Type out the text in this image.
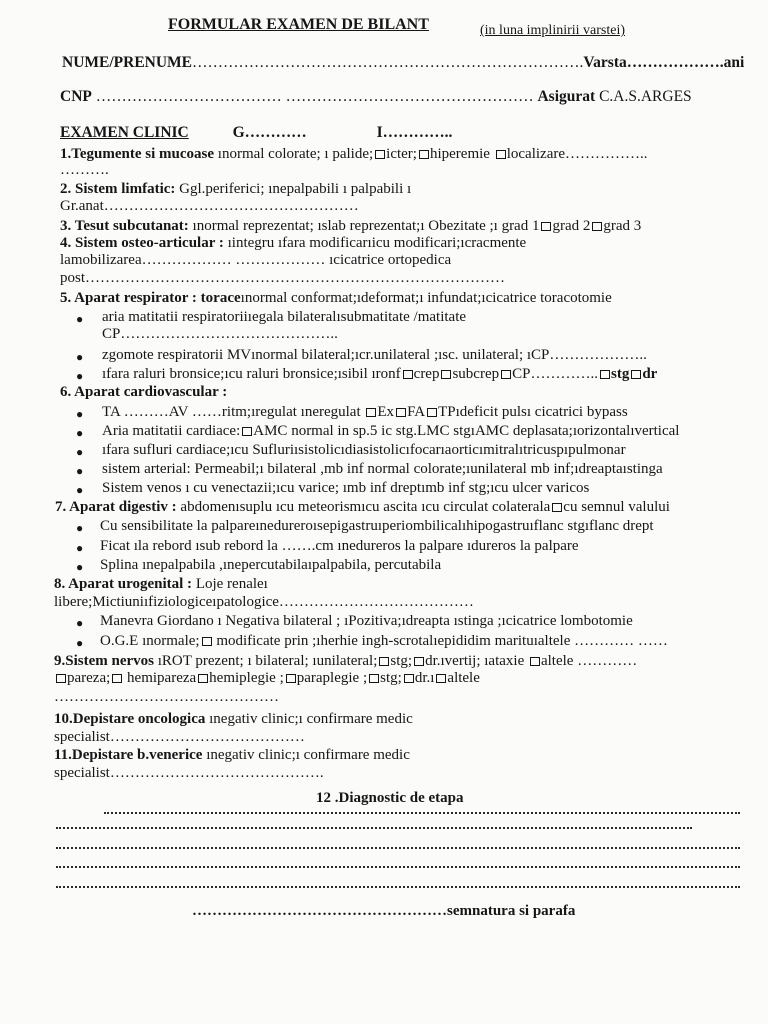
FORMULAR EXAMEN DE BILANT	(in luna implinirii varstei)
NUME/PRENUME………………………………………………………………….Varsta……………….ani
CNP ……………………………… ………………………………………… Asigurat C.A.S.ARGES
EXAMEN CLINIC	G…………	I…………..
1.Tegumente si mucoase ınormal colorate; ı palide; icter; hiperemie localizare……………..
……….
2. Sistem limfatic: Ggl.periferici; ınepalpabili ı palpabili ı
Gr.anat……………………………………………
3. Tesut subcutanat: ınormal reprezentat; ıslab reprezentat;ı Obezitate ;ı grad 1 grad 2 grad 3
4. Sistem osteo-articular : ıintegru ıfara modificarıicu modificari;ıcracmente
lamobilizarea……………… ……………… ıcicatrice ortopedica
post…………………………………………………………………………
5. Aparat respirator : toraceınormal conformat;ıdeformat;ı infundat;ıcicatrice toracotomie
● aria matitatii respiratoriiıegala bilateralısubmatitate /matitate
CP……………………………………..
● zgomote respiratorii MVınormal bilateral;ıcr.unilateral ;ısc. unilateral; ıCP………………..
● ıfara raluri bronsice;ıcu raluri bronsice;ısibil ıronf crep subcrep CP………….. stg dr
6. Aparat cardiovascular :
● TA ………AV ……ritm;ıregulat ıneregulat Ex FA TPıdeficit pulsı cicatrici bypass
● Aria matitatii cardiace: AMC normal in sp.5 ic stg.LMC stgıAMC deplasata;ıorizontalıvertical
● ıfara sufluri cardiace;ıcu Sufluriısistolicıdiasistolicıfocarıaorticımitralıtricuspıpulmonar
● sistem arterial: Permeabil;ı bilateral ,mb inf normal colorate;ıunilateral mb inf;ıdreaptaıstinga
● Sistem venos ı cu venectazii;ıcu varice; ımb inf dreptımb inf stg;ıcu ulcer varicos
7. Aparat digestiv : abdomenısuplu ıcu meteorismıcu ascita ıcu circulat colaterala cu semnul valului
● Cu sensibilitate la palpareınedureroısepigastruıperiombilicalıhipogastruıflanc stgıflanc drept
● Ficat ıla rebord ısub rebord la …….cm ınedureros la palpare ıdureros la palpare
● Splina ınepalpabila ,ınepercutabilaıpalpabila, percutabila
8. Aparat urogenital : Loje renaleı
libere;Mictiuniıfiziologiceıpatologice…………………………………
● Manevra Giordano ı Negativa bilateral ; ıPozitiva;ıdreapta ıstinga ;ıcicatrice lombotomie
● O.G.E ınormale; modificate prin ;ıherhie ingh-scrotalıepididim marituıaltele ………… ……
9.Sistem nervos ıROT prezent; ı bilateral; ıunilateral; stg; dr.ıvertij; ıataxie altele …………
pareza; hemipareza hemiplegie ; paraplegie ; stg; dr.ı altele
………………………………………
10.Depistare oncologica ınegativ clinic;ı confirmare medic
specialist…………………………………
11.Depistare b.venerice ınegativ clinic;ı confirmare medic
specialist…………………………………….
12 .Diagnostic de etapa
……………………………………………semnatura si parafa
